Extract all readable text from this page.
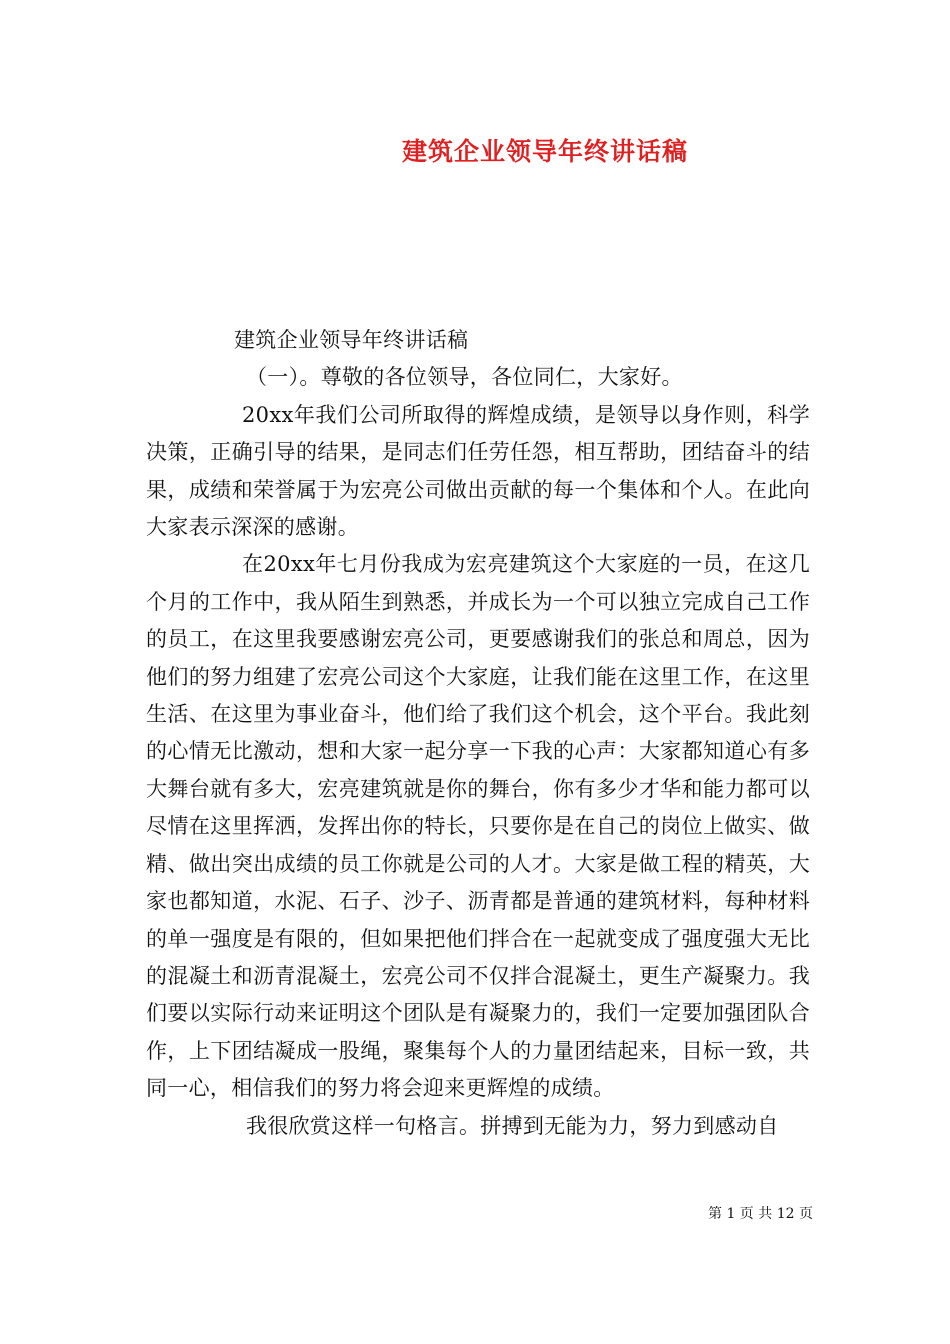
建筑企业领导年终讲话稿

建筑企业领导年终讲话稿

（一）。尊敬的各位领导，各位同仁，大家好。

20xx年我们公司所取得的辉煌成绩，是领导以身作则，科学决策，正确引导的结果，是同志们任劳任怨，相互帮助，团结奋斗的结果，成绩和荣誉属于为宏亮公司做出贡献的每一个集体和个人。在此向大家表示深深的感谢。

在20xx年七月份我成为宏亮建筑这个大家庭的一员，在这几个月的工作中，我从陌生到熟悉，并成长为一个可以独立完成自己工作的员工，在这里我要感谢宏亮公司，更要感谢我们的张总和周总，因为他们的努力组建了宏亮公司这个大家庭，让我们能在这里工作，在这里生活、在这里为事业奋斗，他们给了我们这个机会，这个平台。我此刻的心情无比激动，想和大家一起分享一下我的心声：大家都知道心有多大舞台就有多大，宏亮建筑就是你的舞台，你有多少才华和能力都可以尽情在这里挥洒，发挥出你的特长，只要你是在自己的岗位上做实、做精、做出突出成绩的员工你就是公司的人才。大家是做工程的精英，大家也都知道，水泥、石子、沙子、沥青都是普通的建筑材料，每种材料的单一强度是有限的，但如果把他们拌合在一起就变成了强度强大无比的混凝土和沥青混凝土，宏亮公司不仅拌合混凝土，更生产凝聚力。我们要以实际行动来证明这个团队是有凝聚力的，我们一定要加强团队合作，上下团结凝成一股绳，聚集每个人的力量团结起来，目标一致，共同一心，相信我们的努力将会迎来更辉煌的成绩。

我很欣赏这样一句格言。拼搏到无能为力，努力到感动自

第 1 页 共 12 页
